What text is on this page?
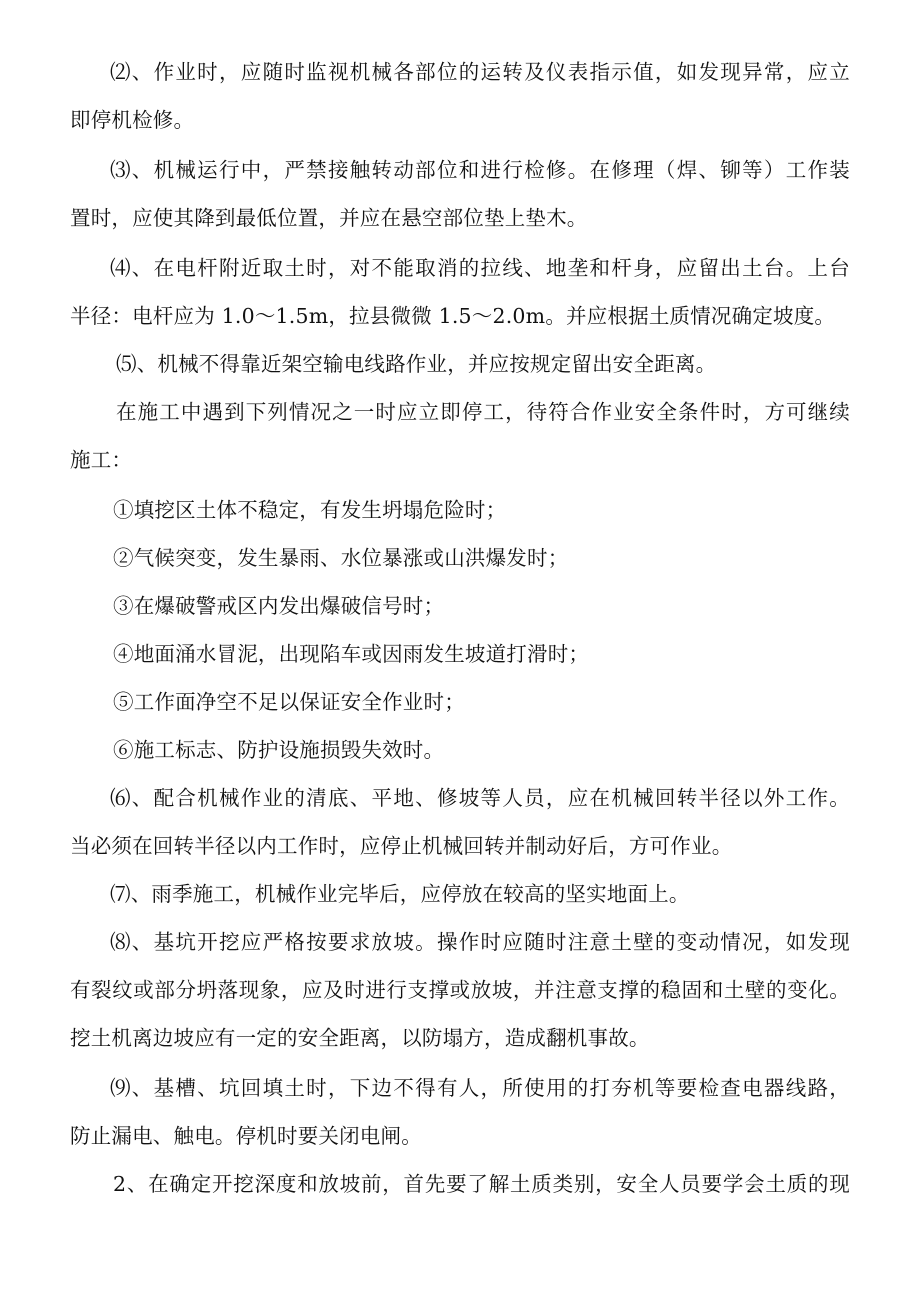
⑵、作业时，应随时监视机械各部位的运转及仪表指示值，如发现异常，应立
即停机检修。
⑶、机械运行中，严禁接触转动部位和进行检修。在修理（焊、铆等）工作装
置时，应使其降到最低位置，并应在悬空部位垫上垫木。
⑷、在电杆附近取土时，对不能取消的拉线、地垄和杆身，应留出土台。上台
半径：电杆应为 1.0～1.5m，拉县微微 1.5～2.0m。并应根据土质情况确定坡度。
⑸、机械不得靠近架空输电线路作业，并应按规定留出安全距离。
在施工中遇到下列情况之一时应立即停工，待符合作业安全条件时，方可继续
施工：
①填挖区土体不稳定，有发生坍塌危险时；
②气候突变，发生暴雨、水位暴涨或山洪爆发时；
③在爆破警戒区内发出爆破信号时；
④地面涌水冒泥，出现陷车或因雨发生坡道打滑时；
⑤工作面净空不足以保证安全作业时；
⑥施工标志、防护设施损毁失效时。
⑹、配合机械作业的清底、平地、修坡等人员，应在机械回转半径以外工作。
当必须在回转半径以内工作时，应停止机械回转并制动好后，方可作业。
⑺、雨季施工，机械作业完毕后，应停放在较高的坚实地面上。
⑻、基坑开挖应严格按要求放坡。操作时应随时注意土壁的变动情况，如发现
有裂纹或部分坍落现象，应及时进行支撑或放坡，并注意支撑的稳固和土壁的变化。
挖土机离边坡应有一定的安全距离，以防塌方，造成翻机事故。
⑼、基槽、坑回填土时，下边不得有人，所使用的打夯机等要检查电器线路，
防止漏电、触电。停机时要关闭电闸。
2、在确定开挖深度和放坡前，首先要了解土质类别，安全人员要学会土质的现
